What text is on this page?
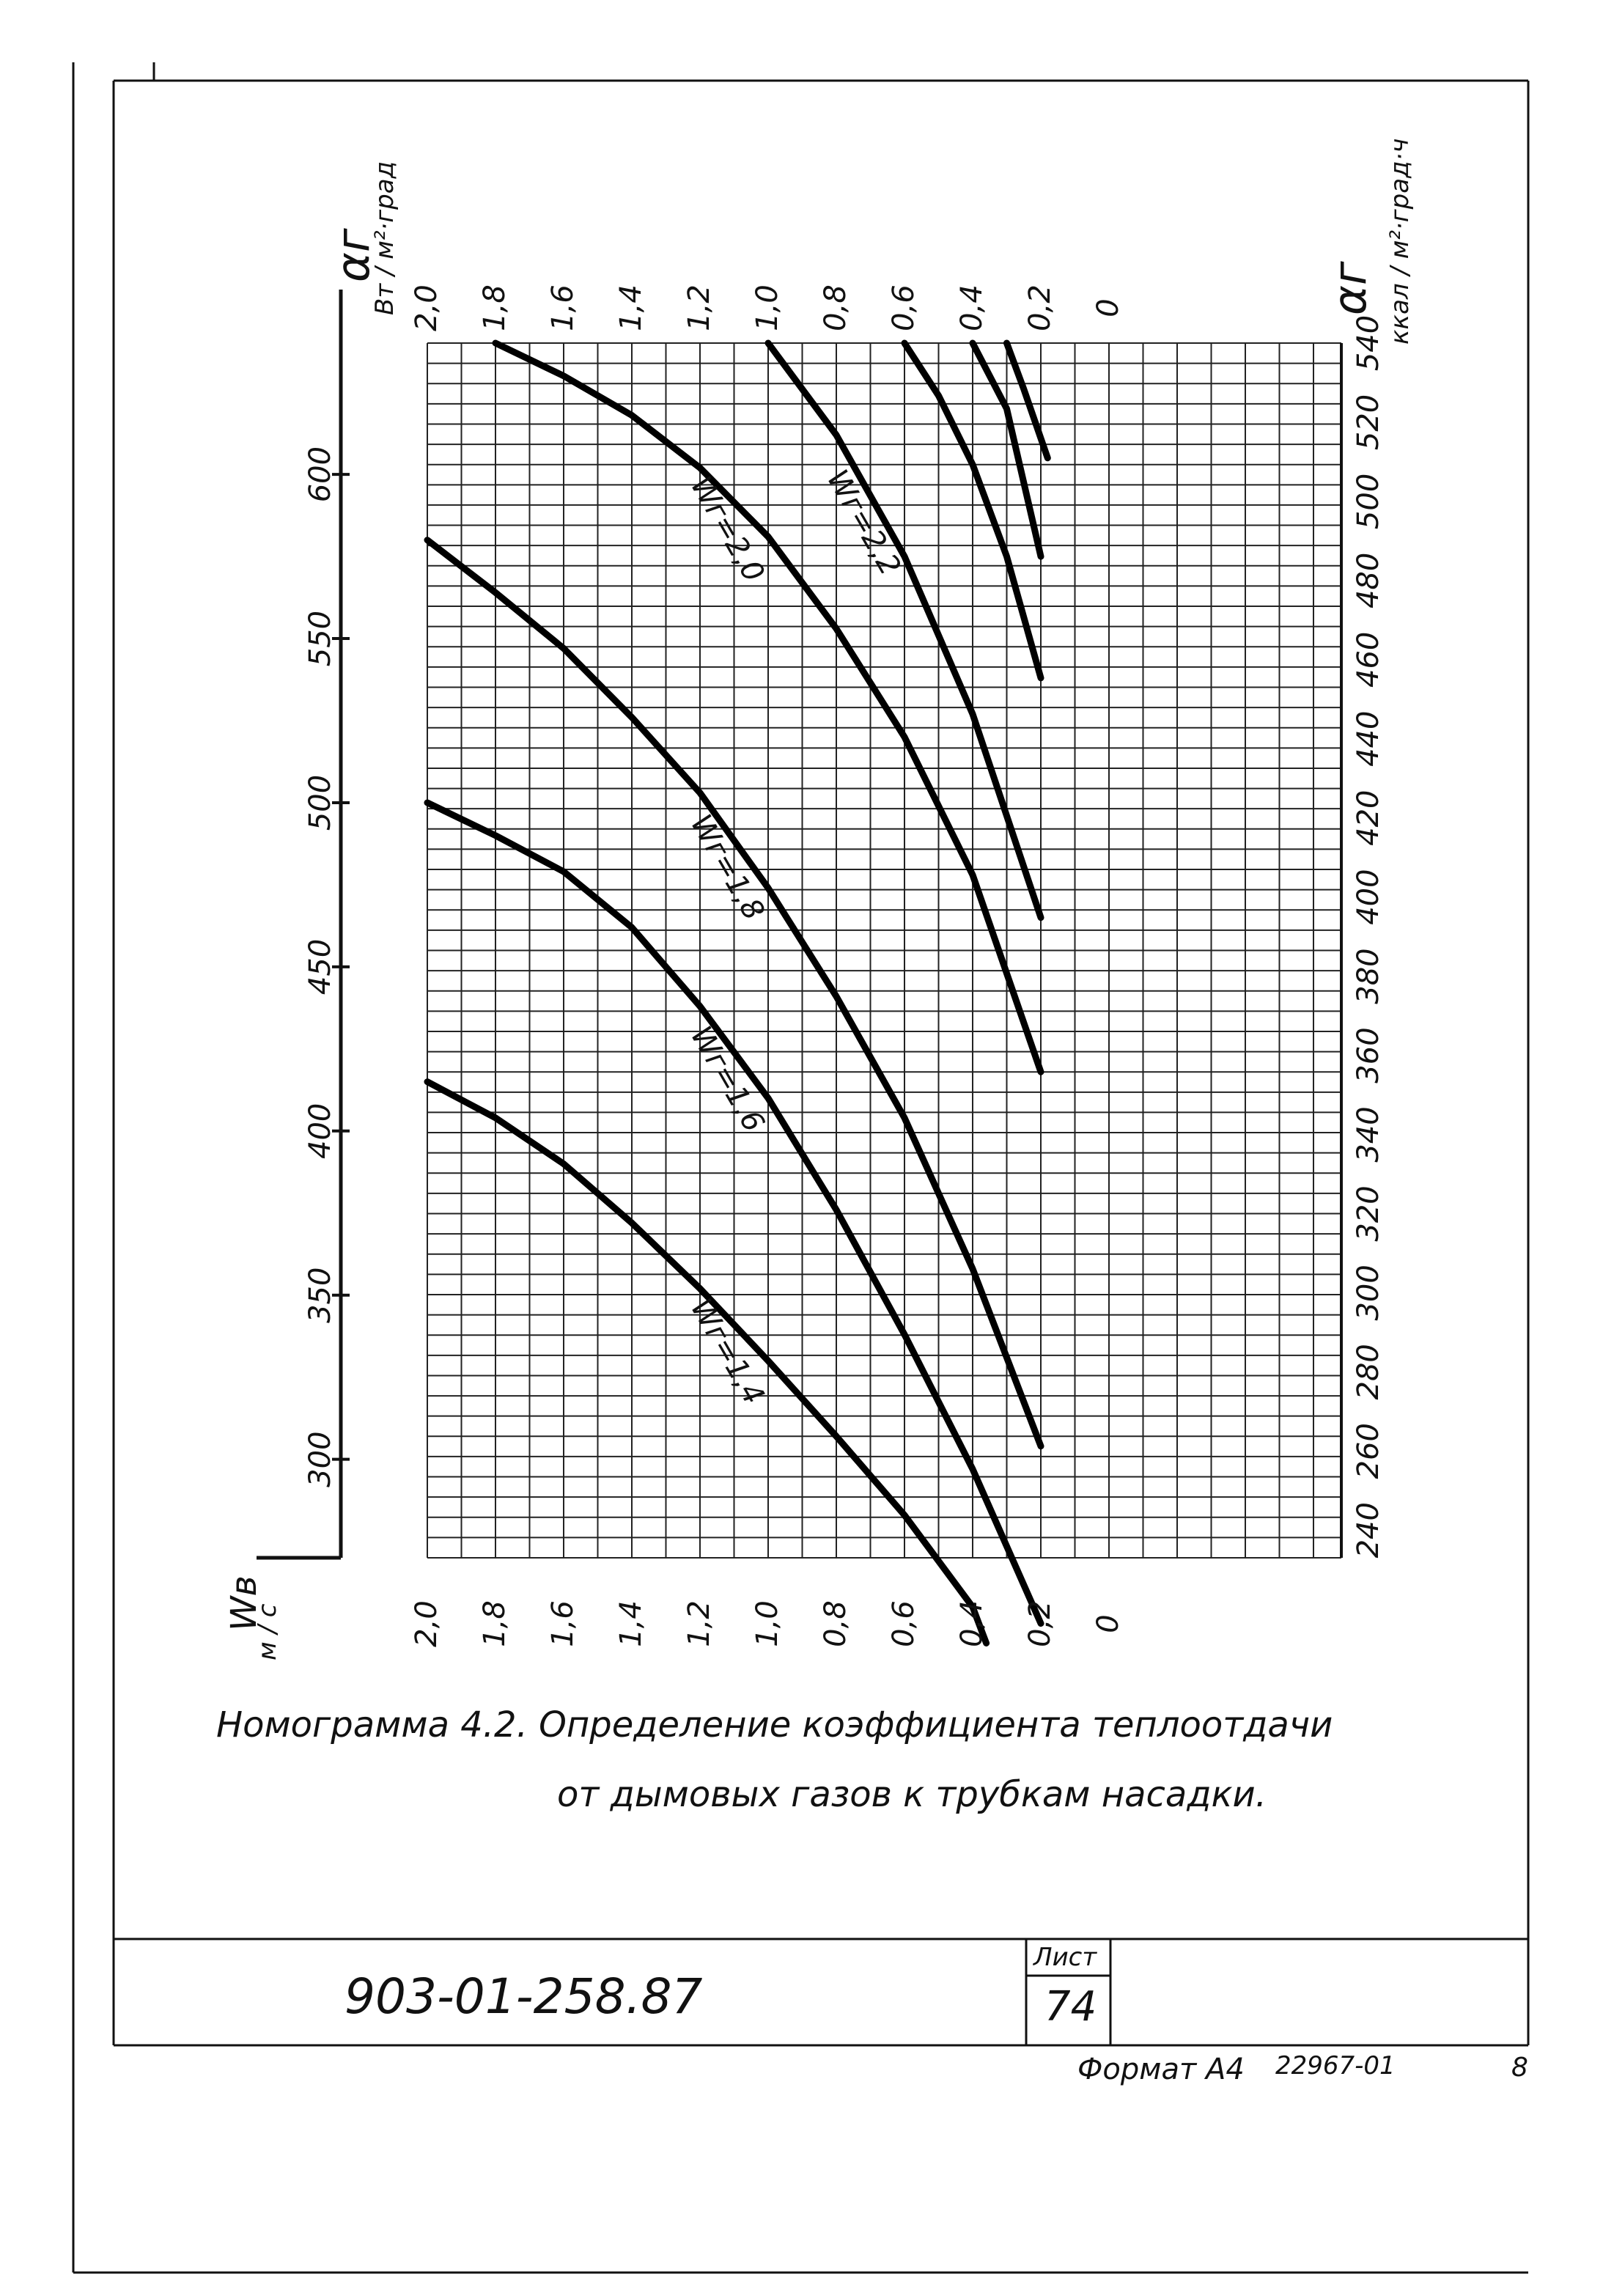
Wг=1,4
Wг=1,6
Wг=1,8
Wг=2,0 Wг=2,2
300
350
400
450
500
550
600
240
260
280
300
320
340
360
380
400
420
440
460
480
500
520
540
2,0 1,8 1,6 1,4 1,2 1,0 0,8 0,6 0,4 0,2 0
2,0 1,8 1,6 1,4 1,2 1,0 0,8 0,6 0,4 0,2 0
αг
Вт / м²·град	αг ккал / м²·град·ч
Wв
м / с
Номограмма 4.2. Определение коэффициента теплоотдачи
от дымовых газов к трубкам насадки.
903-01-258.87
Лист
74
Формат А4 22967-01	8
